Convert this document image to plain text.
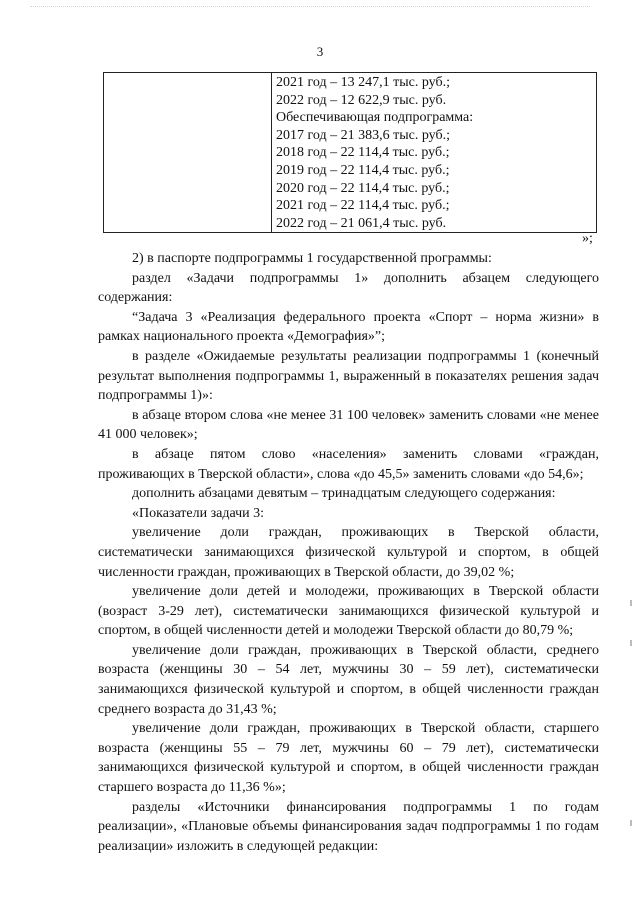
3
2021 год – 13 247,1 тыс. руб.;
2022 год – 12 622,9 тыс. руб.
Обеспечивающая подпрограмма:
2017 год – 21 383,6 тыс. руб.;
2018 год – 22 114,4 тыс. руб.;
2019 год – 22 114,4 тыс. руб.;
2020 год – 22 114,4 тыс. руб.;
2021 год – 22 114,4 тыс. руб.;
2022 год – 21 061,4 тыс. руб.
»;

2) в паспорте подпрограммы 1 государственной программы:

раздел «Задачи подпрограммы 1» дополнить абзацем следующего содержания:

“Задача 3 «Реализация федерального проекта «Спорт – норма жизни» в рамках национального проекта «Демография»”;

в разделе «Ожидаемые результаты реализации подпрограммы 1 (конечный результат выполнения подпрограммы 1, выраженный в показателях решения задач подпрограммы 1)»:

в абзаце втором слова «не менее 31 100 человек» заменить словами «не менее 41 000 человек»;

в абзаце пятом слово «населения» заменить словами «граждан, проживающих в Тверской области», слова «до 45,5» заменить словами «до 54,6»;

дополнить абзацами девятым – тринадцатым следующего содержания:

«Показатели задачи 3:

увеличение доли граждан, проживающих в Тверской области, систематически занимающихся физической культурой и спортом, в общей численности граждан, проживающих в Тверской области, до 39,02 %;

увеличение доли детей и молодежи, проживающих в Тверской области (возраст 3-29 лет), систематически занимающихся физической культурой и спортом, в общей численности детей и молодежи Тверской области до 80,79 %;

увеличение доли граждан, проживающих в Тверской области, среднего возраста (женщины 30 – 54 лет, мужчины 30 – 59 лет), систематически занимающихся физической культурой и спортом, в общей численности граждан среднего возраста до 31,43 %;

увеличение доли граждан, проживающих в Тверской области, старшего возраста (женщины 55 – 79 лет, мужчины 60 – 79 лет), систематически занимающихся физической культурой и спортом, в общей численности граждан старшего возраста до 11,36 %»;

разделы «Источники финансирования подпрограммы 1 по годам реализации», «Плановые объемы финансирования задач подпрограммы 1 по годам реализации» изложить в следующей редакции:
